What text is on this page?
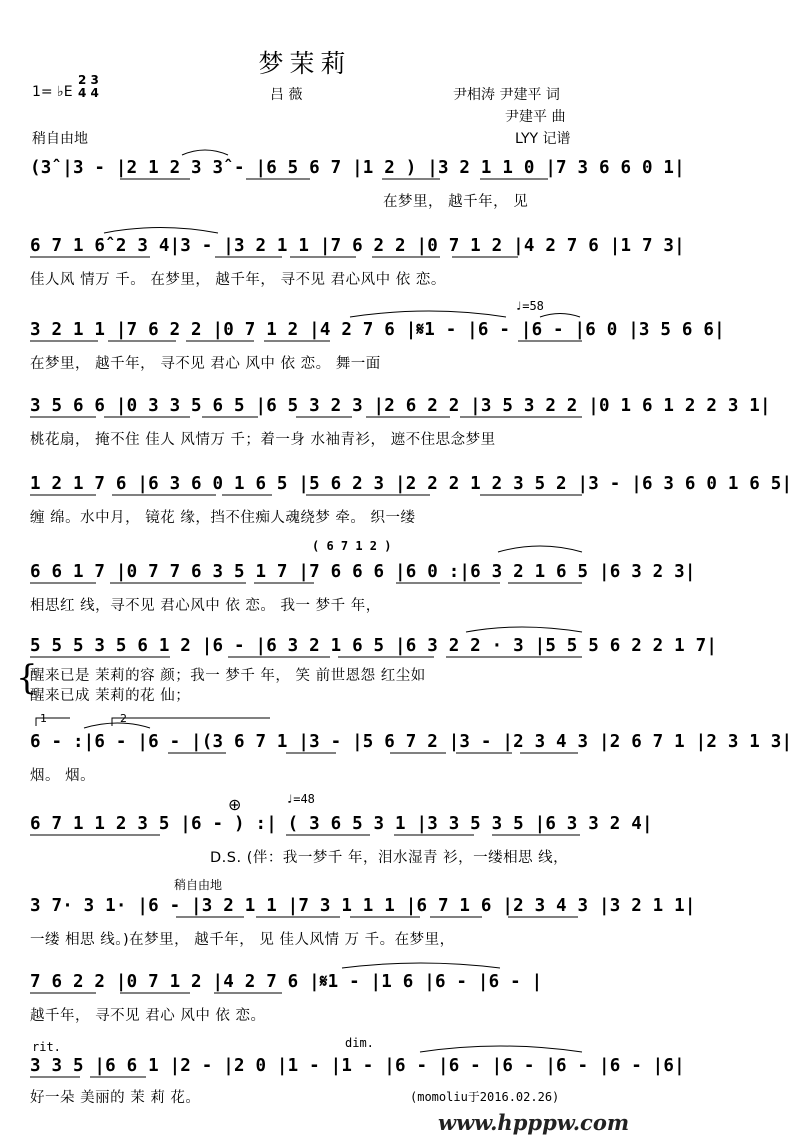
梦茉莉
1= ♭E
2 3
4 4	吕 薇	尹相涛 尹建平 词
尹建平 曲
稍自由地	LYY 记谱
(3̂ |3 - |2 1 2 3 3̂ - |6 5 6 7 |1 2 ) |3 2 1 1 0 |7 3 6 6 0 1|
在梦里， 越千年， 见
6 7 1 6̂ 2 3 4|3 - |3 2 1 1 |7 6 2 2 |0 7 1 2 |4 2 7 6 |1 7 3|
佳人风 情万 千。 在梦里， 越千年， 寻不见 君心风中 依 恋。
♩=58
3 2 1 1 |7 6 2 2 |0 7 1 2 |4 2 7 6 |𝄋1 - |6 - |6 - |6 0 |3 5 6 6|
在梦里， 越千年， 寻不见 君心 风中 依 恋。 舞一面
3 5 6 6 |0 3 3 5 6 5 |6 5 3 2 3 |2 6 2 2 |3 5 3 2 2 |0 1 6 1 2 2 3 1|
桃花扇， 掩不住 佳人 风情万 千；着一身 水袖青衫， 遮不住思念梦里
1 2 1 7 6 |6 3 6 0 1 6 5 |5 6 2 3 |2 2 2 1 2 3 5 2 |3 - |6 3 6 0 1 6 5|
缠 绵。水中月， 镜花 缘，挡不住痴人魂绕梦 牵。 织一缕
( 6 7 1 2 )
6 6 1 7 |0 7 7 6 3 5 1 7 |7 6 6 6 |6 0 :|6 3 2 1 6 5 |6 3 2 3|
相思红 线，寻不见 君心风中 依 恋。 我一 梦千 年，
5 5 5 3 5 6 1 2 |6 - |6 3 2 1 6 5 |6 3 2 2 · 3 |5 5 5 6 2 2 1 7|
{
醒来已是 茉莉的容 颜；我一 梦千 年， 笑 前世恩怨 红尘如
醒来已成 茉莉的花 仙；
1	2
6 - :|6 - |6 - |(3 6 7 1 |3 - |5 6 7 2 |3 - |2 3 4 3 |2 6 7 1 |2 3 1 3|
烟。 烟。
⊕	♩=48
6 7 1 1 2 3 5 |6 - ) :| ( 3 6 5 3 1 |3 3 5 3 5 |6 3 3 2 4|
D.S. (伴：我一梦千 年，泪水湿青 衫，一缕相思 线，
稍自由地
3 7· 3 1· |6 - |3 2 1 1 |7 3 1 1 1 |6 7 1 6 |2 3 4 3 |3 2 1 1|
一缕 相思 线。)在梦里， 越千年， 见 佳人风情 万 千。在梦里，
7 6 2 2 |0 7 1 2 |4 2 7 6 |𝄋1 - |1 6 |6 - |6 - |
越千年， 寻不见 君心 风中 依 恋。
rit.	dim.
3 3 5 |6 6 1 |2 - |2 0 |1 - |1 - |6 - |6 - |6 - |6 - |6 - |6|
好一朵 美丽的 茉 莉 花。	(momoliu于2016.02.26)
www.hpppw.com
